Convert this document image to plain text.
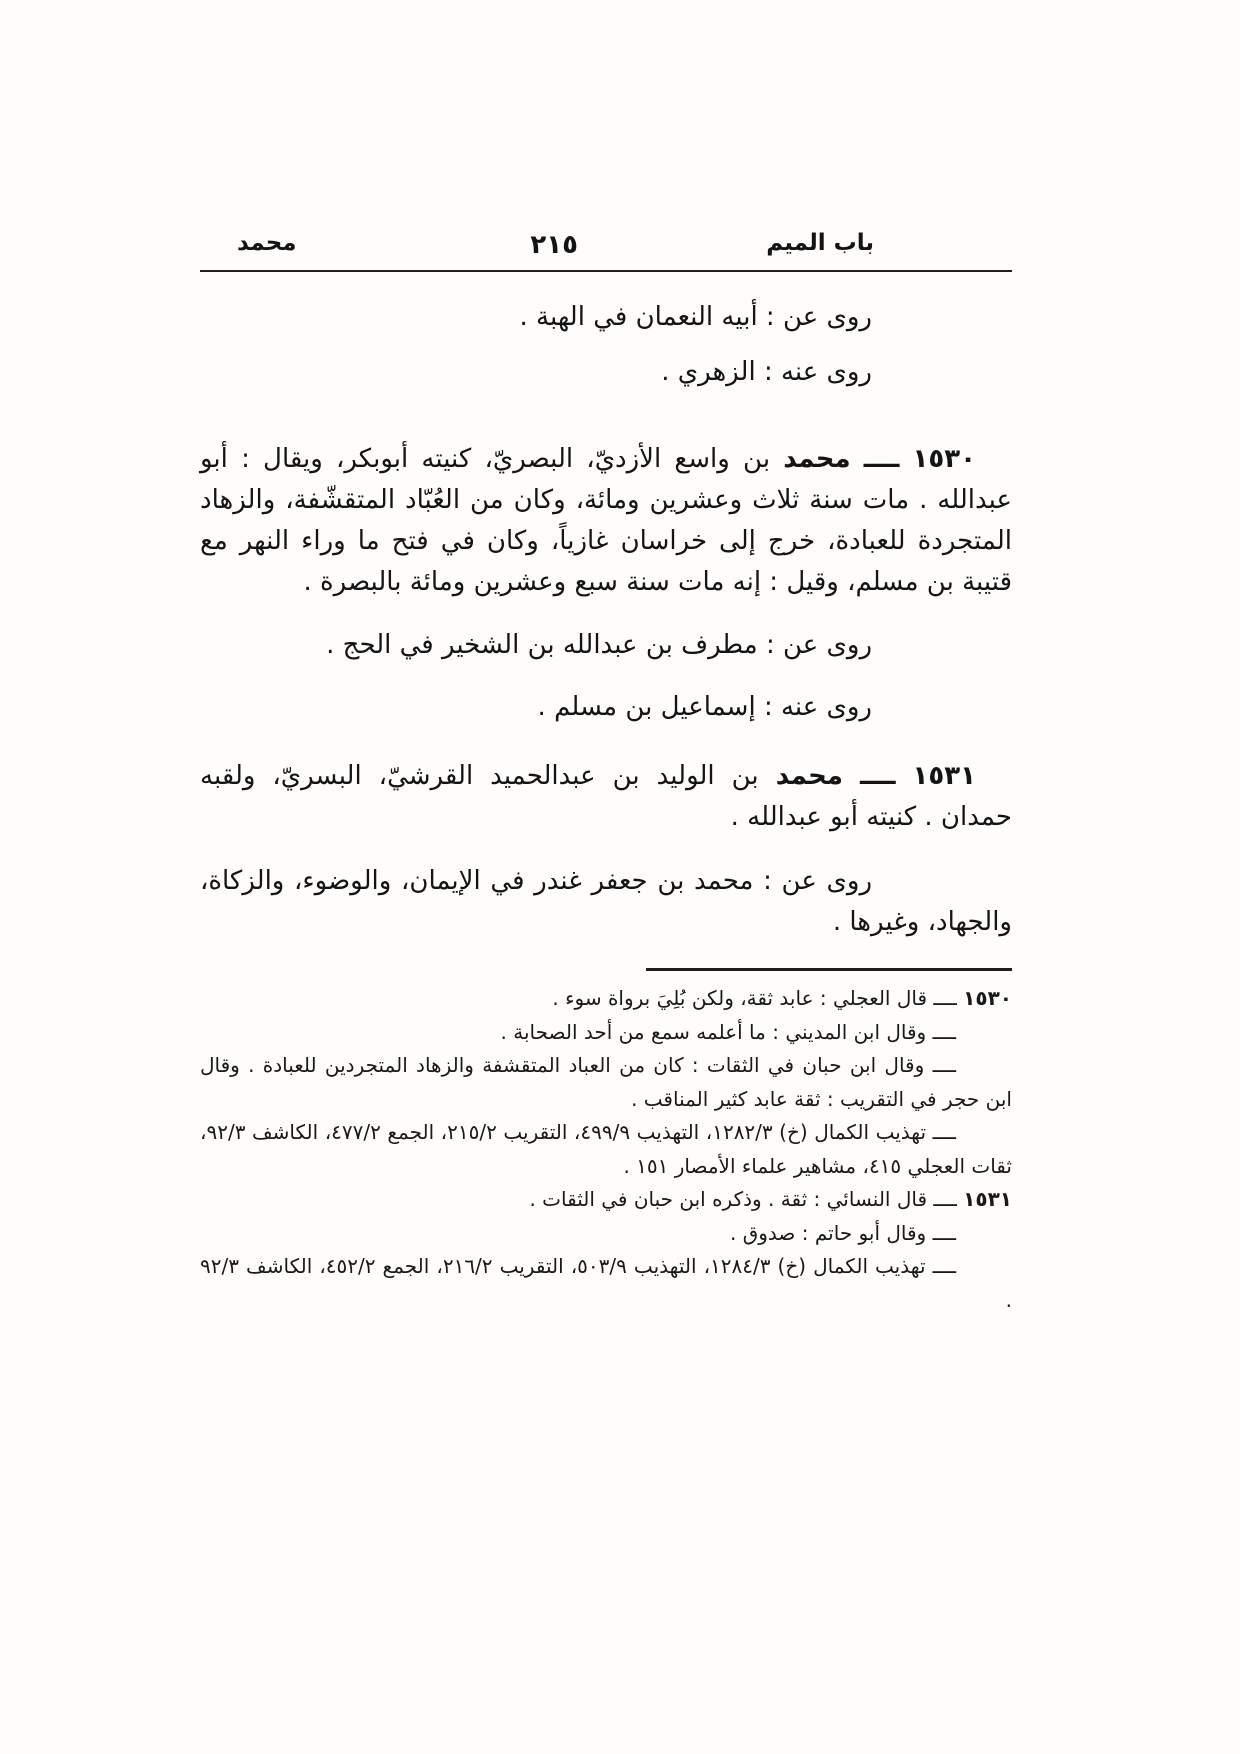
باب الميم
٢١٥
محمد

روى عن : أبيه النعمان في الهبة .

روى عنه : الزهري .

١٥٣٠ ــــ محمد بن واسع الأزديّ، البصريّ، كنيته أبوبكر، ويقال : أبو عبدالله . مات سنة ثلاث وعشرين ومائة، وكان من العُبّاد المتقشّفة، والزهاد المتجردة للعبادة، خرج إلى خراسان غازياً، وكان في فتح ما وراء النهر مع قتيبة بن مسلم، وقيل : إنه مات سنة سبع وعشرين ومائة بالبصرة .

روى عن : مطرف بن عبدالله بن الشخير في الحج .

روى عنه : إسماعيل بن مسلم .

١٥٣١ ــــ محمد بن الوليد بن عبدالحميد القرشيّ، البسريّ، ولقبه حمدان . كنيته أبو عبدالله .

روى عن : محمد بن جعفر غندر في الإيمان، والوضوء، والزكاة، والجهاد، وغيرها .

١٥٣٠ ــــ قال العجلي : عابد ثقة، ولكن بُلِيَ برواة سوء .

ــــ وقال ابن المديني : ما أعلمه سمع من أحد الصحابة .

ــــ وقال ابن حبان في الثقات : كان من العباد المتقشفة والزهاد المتجردين للعبادة . وقال ابن حجر في التقريب : ثقة عابد كثير المناقب .

ــــ تهذيب الكمال (خ) ١٢٨٢/٣، التهذيب ٤٩٩/٩، التقريب ٢١٥/٢، الجمع ٤٧٧/٢، الكاشف ٩٢/٣، ثقات العجلي ٤١٥، مشاهير علماء الأمصار ١٥١ .

١٥٣١ ــــ قال النسائي : ثقة . وذكره ابن حبان في الثقات .

ــــ وقال أبو حاتم : صدوق .

ــــ تهذيب الكمال (خ) ١٢٨٤/٣، التهذيب ٥٠٣/٩، التقريب ٢١٦/٢، الجمع ٤٥٢/٢، الكاشف ٩٢/٣ .
